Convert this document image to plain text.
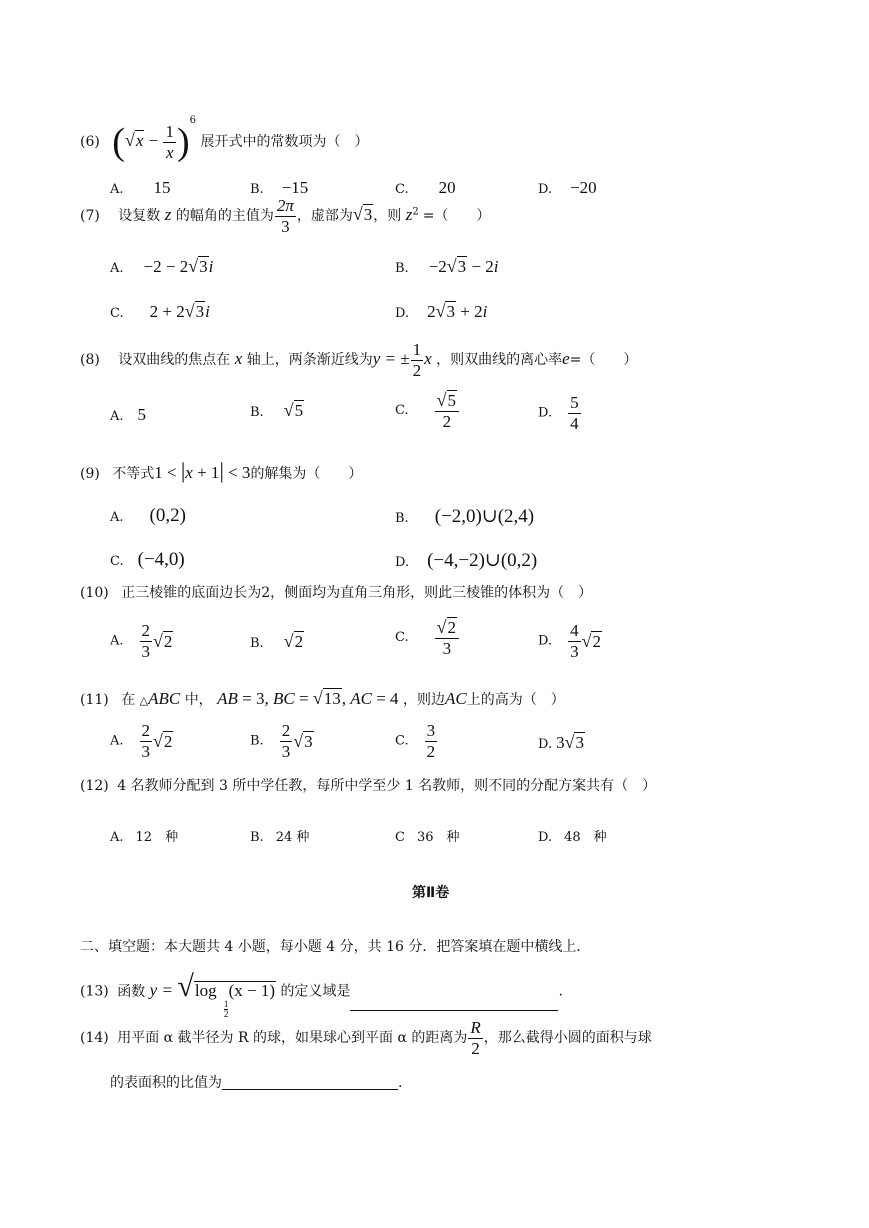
(6) $(√x - \frac{1}{x} )^6$ 展开式中的常数项为（　）
A. 15	B. −15	C. 20	D. −20
(7) 设复数 z 的幅角的主值为 $\frac{2\pi}{3}$ ，虚部为√3，则 $z^2$ =（　　）
A. −2 − 2√3i	B. −2√3 − 2i
C. 2 + 2√3i	D. 2√3 + 2i
(8) 设双曲线的焦点在 x 轴上，两条渐近线为y = ± $\frac{1}{2}$ x ，则双曲线的离心率e=（　　）
A. 5	B. √5	C. $\frac{√5}{2}$	D. $\frac{5}{4}$
(9) 不等式1 < |x + 1| < 3的解集为（　　）
A. (0,2)	B. (−2,0)∪(2,4)
C. (−4,0)	D. (−4,−2)∪(0,2)
(10) 正三棱锥的底面边长为2，侧面均为直角三角形，则此三棱锥的体积为（　）
A. $\frac{2}{3} √2$	B. √2	C. $\frac{√2}{3}$	D. $\frac{4}{3} √2$
(11) 在 △ABC 中， AB = 3, BC = √13, AC = 4 ，则边AC上的高为（　）
A. $\frac{2}{3} √2$	B. $\frac{2}{3} √3$	C. $\frac{3}{2}$	D. 3√3
(12) 4 名教师分配到 3 所中学任教，每所中学至少 1 名教师，则不同的分配方案共有（　）
A. 12　种	B. 24 种	C 36　种	D. 48　种
第Ⅱ卷
二、填空题：本大题共 4 小题，每小题 4 分，共 16 分．把答案填在题中横线上．
(13) 函数 y = √log
$\frac{1}{2}$
(x − 1) 的定义域是	.
(14) 用平面 α 截半径为 R 的球，如果球心到平面 α 的距离为 $\frac{R}{2}$ ，那么截得小圆的面积与球
的表面积的比值为	.
